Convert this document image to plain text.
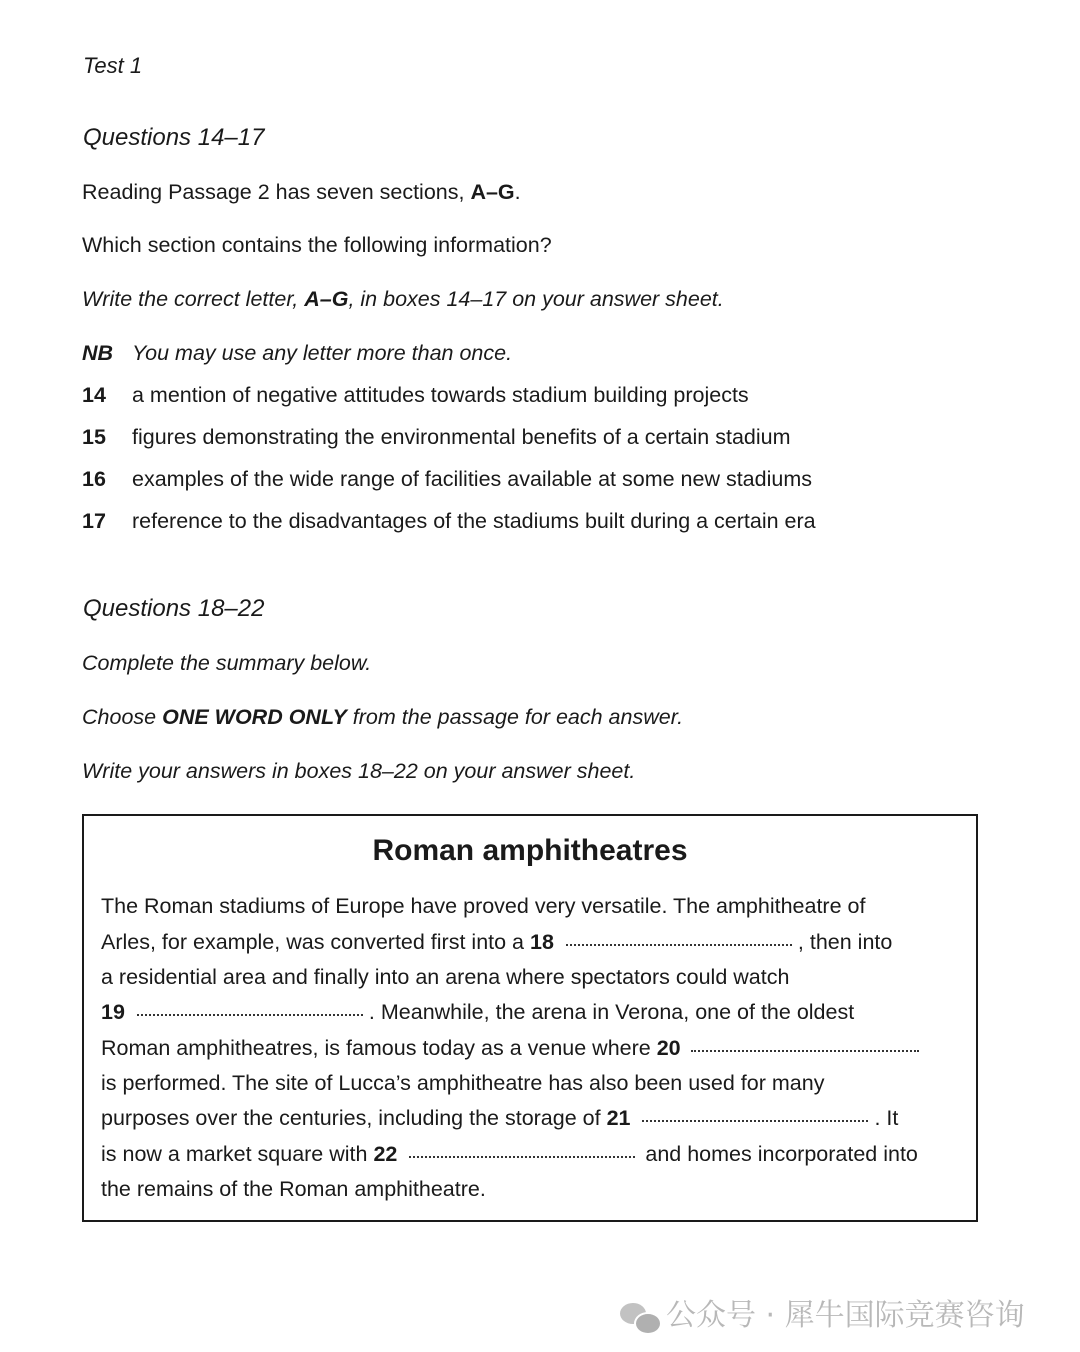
Test 1
Questions 14–17
Reading Passage 2 has seven sections, A–G.
Which section contains the following information?
Write the correct letter, A–G, in boxes 14–17 on your answer sheet.
NB You may use any letter more than once.
14 a mention of negative attitudes towards stadium building projects
15 figures demonstrating the environmental benefits of a certain stadium
16 examples of the wide range of facilities available at some new stadiums
17 reference to the disadvantages of the stadiums built during a certain era
Questions 18–22
Complete the summary below.
Choose ONE WORD ONLY from the passage for each answer.
Write your answers in boxes 18–22 on your answer sheet.
Roman amphitheatres
The Roman stadiums of Europe have proved very versatile. The amphitheatre of
Arles, for example, was converted first into a 18	, then into
a residential area and finally into an arena where spectators could watch
19	. Meanwhile, the arena in Verona, one of the oldest
Roman amphitheatres, is famous today as a venue where 20
is performed. The site of Lucca’s amphitheatre has also been used for many
purposes over the centuries, including the storage of 21	. It
is now a market square with 22	and homes incorporated into
the remains of the Roman amphitheatre.
公众号 · 犀牛国际竞赛咨询
